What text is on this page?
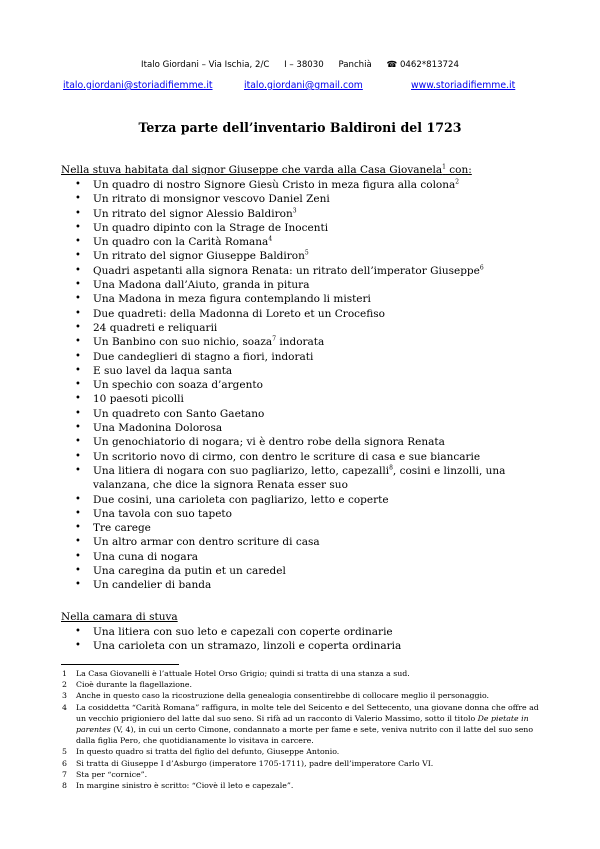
Italo Giordani – Via Ischia, 2/C I – 38030 Panchià ☎ 0462*813724
italo.giordani@storiadifiemme.it	italo.giordani@gmail.com	www.storiadifiemme.it
Terza parte dell’inventario Baldironi del 1723
Nella stuva habitata dal signor Giuseppe che varda alla Casa Giovanela$^1$ con:
• Un quadro di nostro Signore Giesù Cristo in meza figura alla colona$^2$
• Un ritrato di monsignor vescovo Daniel Zeni
• Un ritrato del signor Alessio Baldiron$^3$
• Un quadro dipinto con la Strage de Inocenti
• Un quadro con la Carità Romana$^4$
• Un ritrato del signor Giuseppe Baldiron$^5$
• Quadri aspetanti alla signora Renata: un ritrato dell’imperator Giuseppe$^6$
• Una Madona dall’Aiuto, granda in pitura
• Una Madona in meza figura contemplando li misteri
• Due quadreti: della Madonna di Loreto et un Crocefiso
• 24 quadreti e reliquarii
• Un Banbino con suo nichio, soaza$^7$ indorata
• Due candeglieri di stagno a fiori, indorati
• E suo lavel da laqua santa
• Un spechio con soaza d’argento
• 10 paesoti picolli
• Un quadreto con Santo Gaetano
• Una Madonina Dolorosa
• Un genochiatorio di nogara; vi è dentro robe della signora Renata
• Un scritorio novo di cirmo, con dentro le scriture di casa e sue biancarie
• Una litiera di nogara con suo pagliarizo, letto, capezalli$^8$, cosini e linzolli, una valanzana, che dice la signora Renata esser suo
• Due cosini, una carioleta con pagliarizo, letto e coperte
• Una tavola con suo tapeto
• Tre carege
• Un altro armar con dentro scriture di casa
• Una cuna di nogara
• Una caregina da putin et un caredel
• Un candelier di banda
Nella camara di stuva
• Una litiera con suo leto e capezali con coperte ordinarie
• Una carioleta con un stramazo, linzoli e coperta ordinaria
1 La Casa Giovanelli è l’attuale Hotel Orso Grigio; quindi si tratta di una stanza a sud.
2 Cioè durante la flagellazione.
3 Anche in questo caso la ricostruzione della genealogia consentirebbe di collocare meglio il personaggio.
4 La cosiddetta “Carità Romana” raffigura, in molte tele del Seicento e del Settecento, una giovane donna che offre ad un vecchio prigioniero del latte dal suo seno. Si rifà ad un racconto di Valerio Massimo, sotto il titolo De pietate in parentes (V, 4), in cui un certo Cimone, condannato a morte per fame e sete, veniva nutrito con il latte del suo seno dalla figlia Pero, che quotidianamente lo visitava in carcere.
5 In questo quadro si tratta del figlio del defunto, Giuseppe Antonio.
6 Si tratta di Giuseppe I d’Asburgo (imperatore 1705-1711), padre dell’imperatore Carlo VI.
7 Sta per “cornice”.
8 In margine sinistro è scritto: “Ciovè il leto e capezale”.
